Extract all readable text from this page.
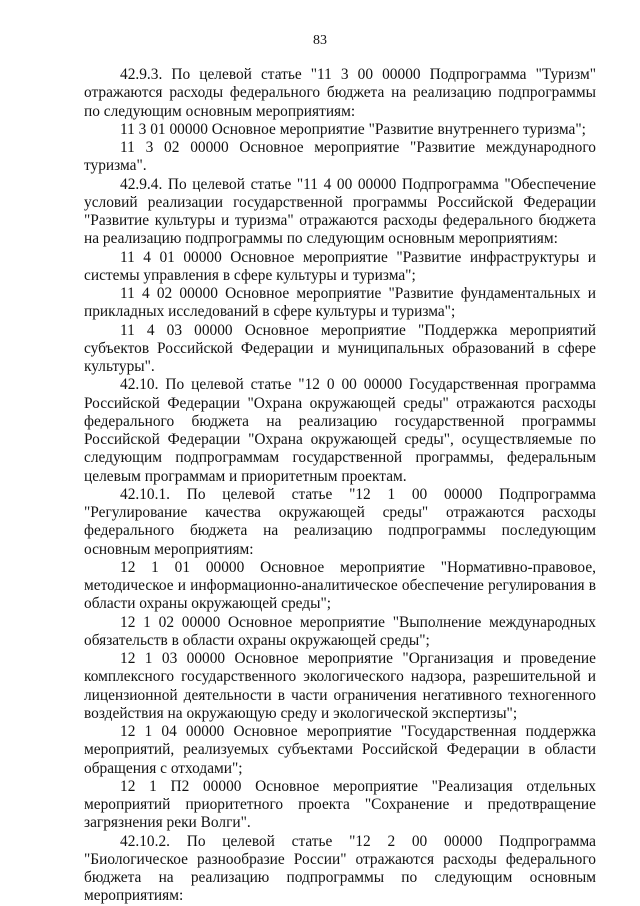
83

42.9.3. По целевой статье "11 3 00 00000 Подпрограмма "Туризм" отражаются расходы федерального бюджета на реализацию подпрограммы по следующим основным мероприятиям:

11 3 01 00000 Основное мероприятие "Развитие внутреннего туризма";

11 3 02 00000 Основное мероприятие "Развитие международного туризма".

42.9.4. По целевой статье "11 4 00 00000 Подпрограмма "Обеспечение условий реализации государственной программы Российской Федерации "Развитие культуры и туризма" отражаются расходы федерального бюджета на реализацию подпрограммы по следующим основным мероприятиям:

11 4 01 00000 Основное мероприятие "Развитие инфраструктуры и системы управления в сфере культуры и туризма";

11 4 02 00000 Основное мероприятие "Развитие фундаментальных и прикладных исследований в сфере культуры и туризма";

11 4 03 00000 Основное мероприятие "Поддержка мероприятий субъектов Российской Федерации и муниципальных образований в сфере культуры".

42.10. По целевой статье "12 0 00 00000 Государственная программа Российской Федерации "Охрана окружающей среды" отражаются расходы федерального бюджета на реализацию государственной программы Российской Федерации "Охрана окружающей среды", осуществляемые по следующим подпрограммам государственной программы, федеральным целевым программам и приоритетным проектам.

42.10.1. По целевой статье "12 1 00 00000 Подпрограмма "Регулирование качества окружающей среды" отражаются расходы федерального бюджета на реализацию подпрограммы последующим основным мероприятиям:

12 1 01 00000 Основное мероприятие "Нормативно-правовое, методическое и информационно-аналитическое обеспечение регулирования в области охраны окружающей среды";

12 1 02 00000 Основное мероприятие "Выполнение международных обязательств в области охраны окружающей среды";

12 1 03 00000 Основное мероприятие "Организация и проведение комплексного государственного экологического надзора, разрешительной и лицензионной деятельности в части ограничения негативного техногенного воздействия на окружающую среду и экологической экспертизы";

12 1 04 00000 Основное мероприятие "Государственная поддержка мероприятий, реализуемых субъектами Российской Федерации в области обращения с отходами";

12 1 П2 00000 Основное мероприятие "Реализация отдельных мероприятий приоритетного проекта "Сохранение и предотвращение загрязнения реки Волги".

42.10.2. По целевой статье "12 2 00 00000 Подпрограмма "Биологическое разнообразие России" отражаются расходы федерального бюджета на реализацию подпрограммы по следующим основным мероприятиям:
